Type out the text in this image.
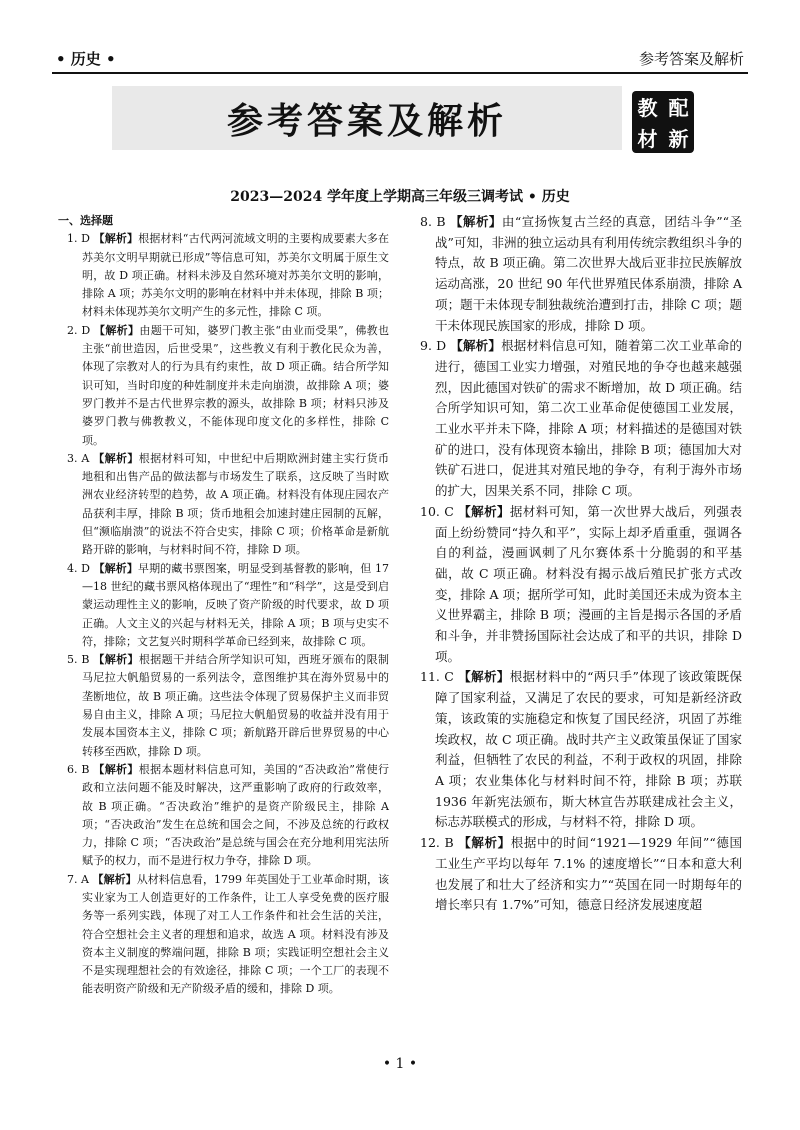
• 历史 •	参考答案及解析
参考答案及解析	教 配
材 新
2023—2024 学年度上学期高三年级三调考试 • 历史
一、选择题
1. D 【解析】根据材料“古代两河流域文明的主要构成要素大多在苏美尔文明早期就已形成”等信息可知，苏美尔文明属于原生文明，故 D 项正确。材料未涉及自然环境对苏美尔文明的影响，排除 A 项；苏美尔文明的影响在材料中并未体现，排除 B 项；材料未体现苏美尔文明产生的多元性，排除 C 项。
2. D 【解析】由题干可知，婆罗门教主张“由业而受果”，佛教也主张“前世造因，后世受果”，这些教义有利于教化民众为善，体现了宗教对人的行为具有约束性，故 D 项正确。结合所学知识可知，当时印度的种姓制度并未走向崩溃，故排除 A 项；婆罗门教并不是古代世界宗教的源头，故排除 B 项；材料只涉及婆罗门教与佛教教义，不能体现印度文化的多样性，排除 C 项。
3. A 【解析】根据材料可知，中世纪中后期欧洲封建主实行货币地租和出售产品的做法都与市场发生了联系，这反映了当时欧洲农业经济转型的趋势，故 A 项正确。材料没有体现庄园农产品获利丰厚，排除 B 项；货币地租会加速封建庄园制的瓦解，但“濒临崩溃”的说法不符合史实，排除 C 项；价格革命是新航路开辟的影响，与材料时间不符，排除 D 项。
4. D 【解析】早期的藏书票图案，明显受到基督教的影响，但 17—18 世纪的藏书票风格体现出了“理性”和“科学”，这是受到启蒙运动理性主义的影响，反映了资产阶级的时代要求，故 D 项正确。人文主义的兴起与材料无关，排除 A 项；B 项与史实不符，排除；文艺复兴时期科学革命已经到来，故排除 C 项。
5. B 【解析】根据题干并结合所学知识可知，西班牙颁布的限制马尼拉大帆船贸易的一系列法令，意图维护其在海外贸易中的垄断地位，故 B 项正确。这些法令体现了贸易保护主义而非贸易自由主义，排除 A 项；马尼拉大帆船贸易的收益并没有用于发展本国资本主义，排除 C 项；新航路开辟后世界贸易的中心转移至西欧，排除 D 项。
6. B 【解析】根据本题材料信息可知，美国的“否决政治”常使行政和立法问题不能及时解决，这严重影响了政府的行政效率，故 B 项正确。“否决政治”维护的是资产阶级民主，排除 A 项；“否决政治”发生在总统和国会之间，不涉及总统的行政权力，排除 C 项；“否决政治”是总统与国会在充分地利用宪法所赋予的权力，而不是进行权力争夺，排除 D 项。
7. A 【解析】从材料信息看，1799 年英国处于工业革命时期，该实业家为工人创造更好的工作条件，让工人享受免费的医疗服务等一系列实践，体现了对工人工作条件和社会生活的关注，符合空想社会主义者的理想和追求，故选 A 项。材料没有涉及资本主义制度的弊端问题，排除 B 项；实践证明空想社会主义不是实现理想社会的有效途径，排除 C 项；一个工厂的表现不能表明资产阶级和无产阶级矛盾的缓和，排除 D 项。
8. B 【解析】由“宣扬恢复古兰经的真意，团结斗争”“圣战”可知，非洲的独立运动具有利用传统宗教组织斗争的特点，故 B 项正确。第二次世界大战后亚非拉民族解放运动高涨，20 世纪 90 年代世界殖民体系崩溃，排除 A 项；题干未体现专制独裁统治遭到打击，排除 C 项；题干未体现民族国家的形成，排除 D 项。
9. D 【解析】根据材料信息可知，随着第二次工业革命的进行，德国工业实力增强，对殖民地的争夺也越来越强烈，因此德国对铁矿的需求不断增加，故 D 项正确。结合所学知识可知，第二次工业革命促使德国工业发展，工业水平并未下降，排除 A 项；材料描述的是德国对铁矿的进口，没有体现资本输出，排除 B 项；德国加大对铁矿石进口，促进其对殖民地的争夺，有利于海外市场的扩大，因果关系不同，排除 C 项。
10. C 【解析】据材料可知，第一次世界大战后，列强表面上纷纷赞同“持久和平”，实际上却矛盾重重，强调各自的利益，漫画讽刺了凡尔赛体系十分脆弱的和平基础，故 C 项正确。材料没有揭示战后殖民扩张方式改变，排除 A 项；据所学可知，此时美国还未成为资本主义世界霸主，排除 B 项；漫画的主旨是揭示各国的矛盾和斗争，并非赞扬国际社会达成了和平的共识，排除 D 项。
11. C 【解析】根据材料中的“两只手”体现了该政策既保障了国家利益，又满足了农民的要求，可知是新经济政策，该政策的实施稳定和恢复了国民经济，巩固了苏维埃政权，故 C 项正确。战时共产主义政策虽保证了国家利益，但牺牲了农民的利益，不利于政权的巩固，排除 A 项；农业集体化与材料时间不符，排除 B 项；苏联 1936 年新宪法颁布，斯大林宣告苏联建成社会主义，标志苏联模式的形成，与材料不符，排除 D 项。
12. B 【解析】根据中的时间“1921—1929 年间”“德国工业生产平均以每年 7.1% 的速度增长”“日本和意大利也发展了和壮大了经济和实力”“英国在同一时期每年的增长率只有 1.7%”可知，德意日经济发展速度超
• 1 •
